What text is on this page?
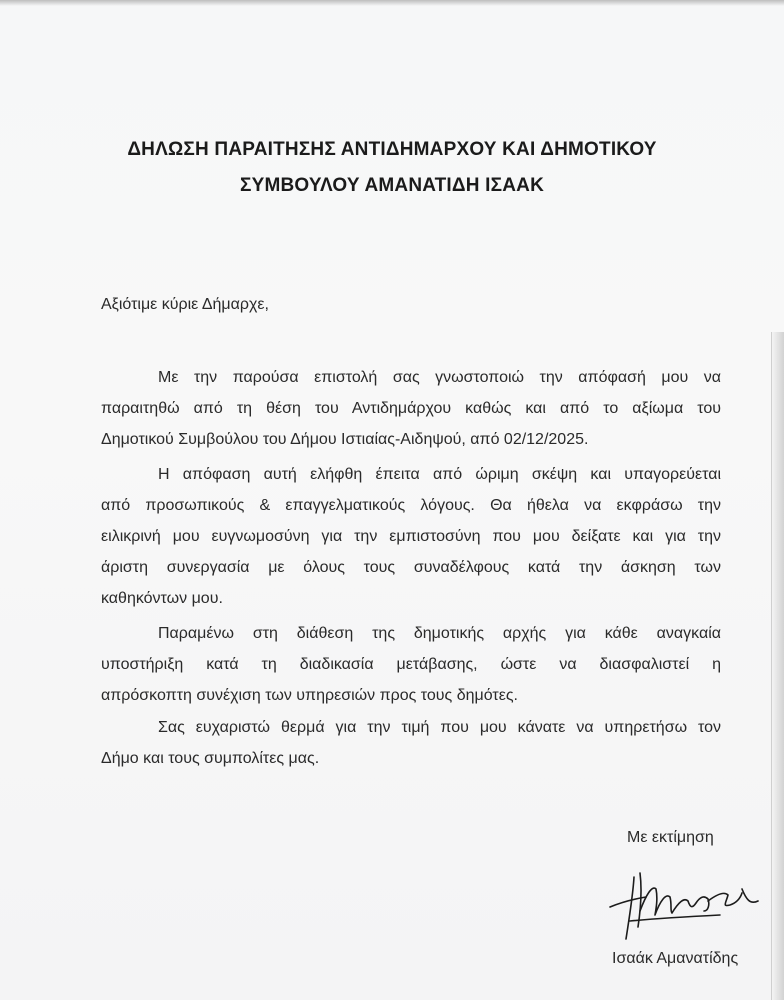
ΔΗΛΩΣΗ ΠΑΡΑΙΤΗΣΗΣ ΑΝΤΙΔΗΜΑΡΧΟΥ ΚΑΙ ΔΗΜΟΤΙΚΟΥ
ΣΥΜΒΟΥΛΟΥ ΑΜΑΝΑΤΙΔΗ ΙΣΑΑΚ
Αξιότιμε κύριε Δήμαρχε,
Με την παρούσα επιστολή σας γνωστοποιώ την απόφασή μου να
παραιτηθώ από τη θέση του Αντιδημάρχου καθώς και από το αξίωμα του
Δημοτικού Συμβούλου του Δήμου Ιστιαίας-Αιδηψού, από 02/12/2025.
Η απόφαση αυτή ελήφθη έπειτα από ώριμη σκέψη και υπαγορεύεται
από προσωπικούς & επαγγελματικούς λόγους. Θα ήθελα να εκφράσω την
ειλικρινή μου ευγνωμοσύνη για την εμπιστοσύνη που μου δείξατε και για την
άριστη συνεργασία με όλους τους συναδέλφους κατά την άσκηση των
καθηκόντων μου.
Παραμένω στη διάθεση της δημοτικής αρχής για κάθε αναγκαία
υποστήριξη κατά τη διαδικασία μετάβασης, ώστε να διασφαλιστεί η
απρόσκοπτη συνέχιση των υπηρεσιών προς τους δημότες.
Σας ευχαριστώ θερμά για την τιμή που μου κάνατε να υπηρετήσω τον
Δήμο και τους συμπολίτες μας.
Με εκτίμηση
Ισαάκ Αμανατίδης
